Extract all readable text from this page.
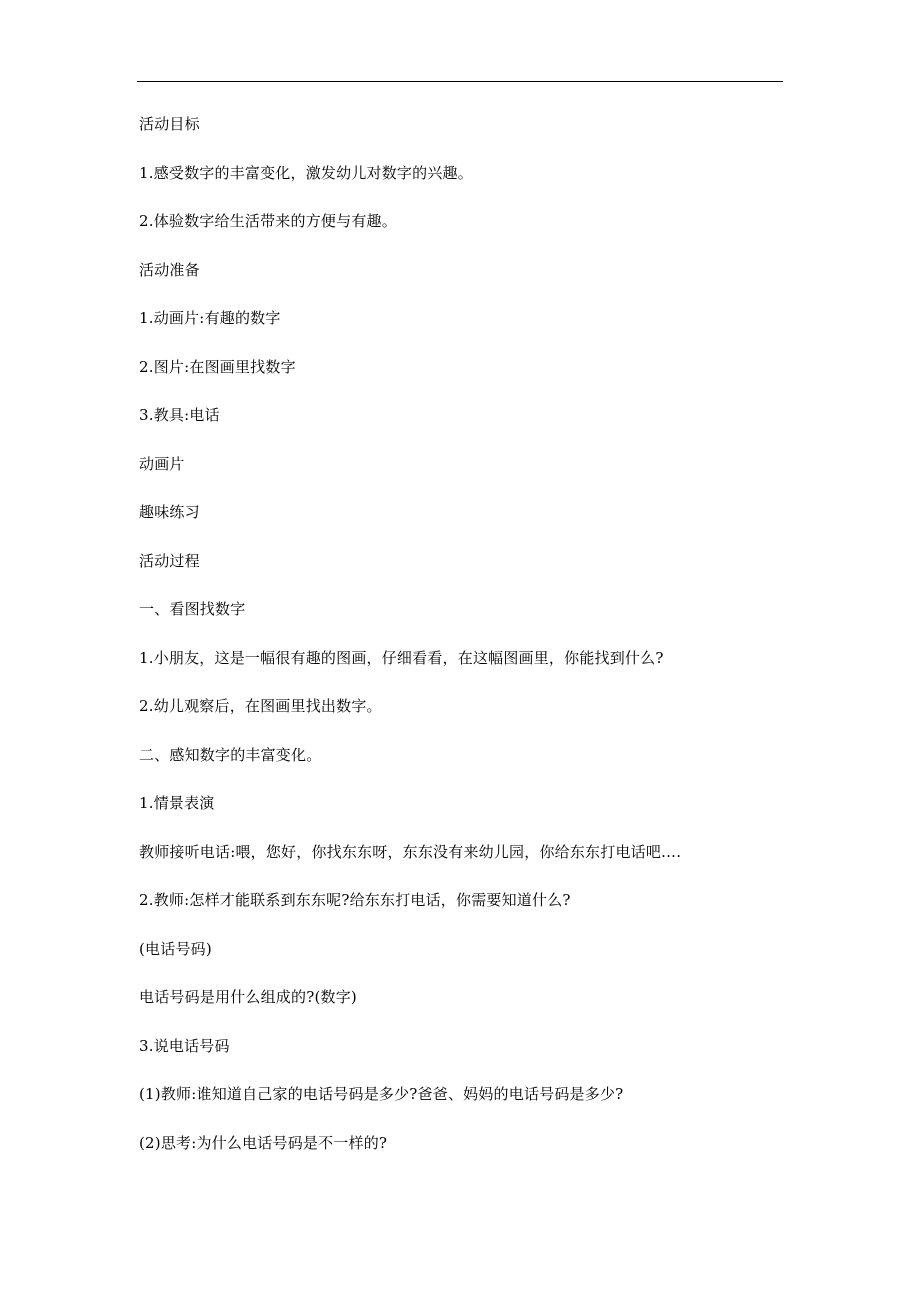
活动目标
1.感受数字的丰富变化，激发幼儿对数字的兴趣。
2.体验数字给生活带来的方便与有趣。
活动准备
1.动画片:有趣的数字
2.图片:在图画里找数字
3.教具:电话
动画片
趣味练习
活动过程
一、看图找数字
1.小朋友，这是一幅很有趣的图画，仔细看看，在这幅图画里，你能找到什么?
2.幼儿观察后，在图画里找出数字。
二、感知数字的丰富变化。
1.情景表演
教师接听电话:喂，您好，你找东东呀，东东没有来幼儿园，你给东东打电话吧….
2.教师:怎样才能联系到东东呢?给东东打电话，你需要知道什么?
(电话号码)
电话号码是用什么组成的?(数字)
3.说电话号码
(1)教师:谁知道自己家的电话号码是多少?爸爸、妈妈的电话号码是多少?
(2)思考:为什么电话号码是不一样的?
